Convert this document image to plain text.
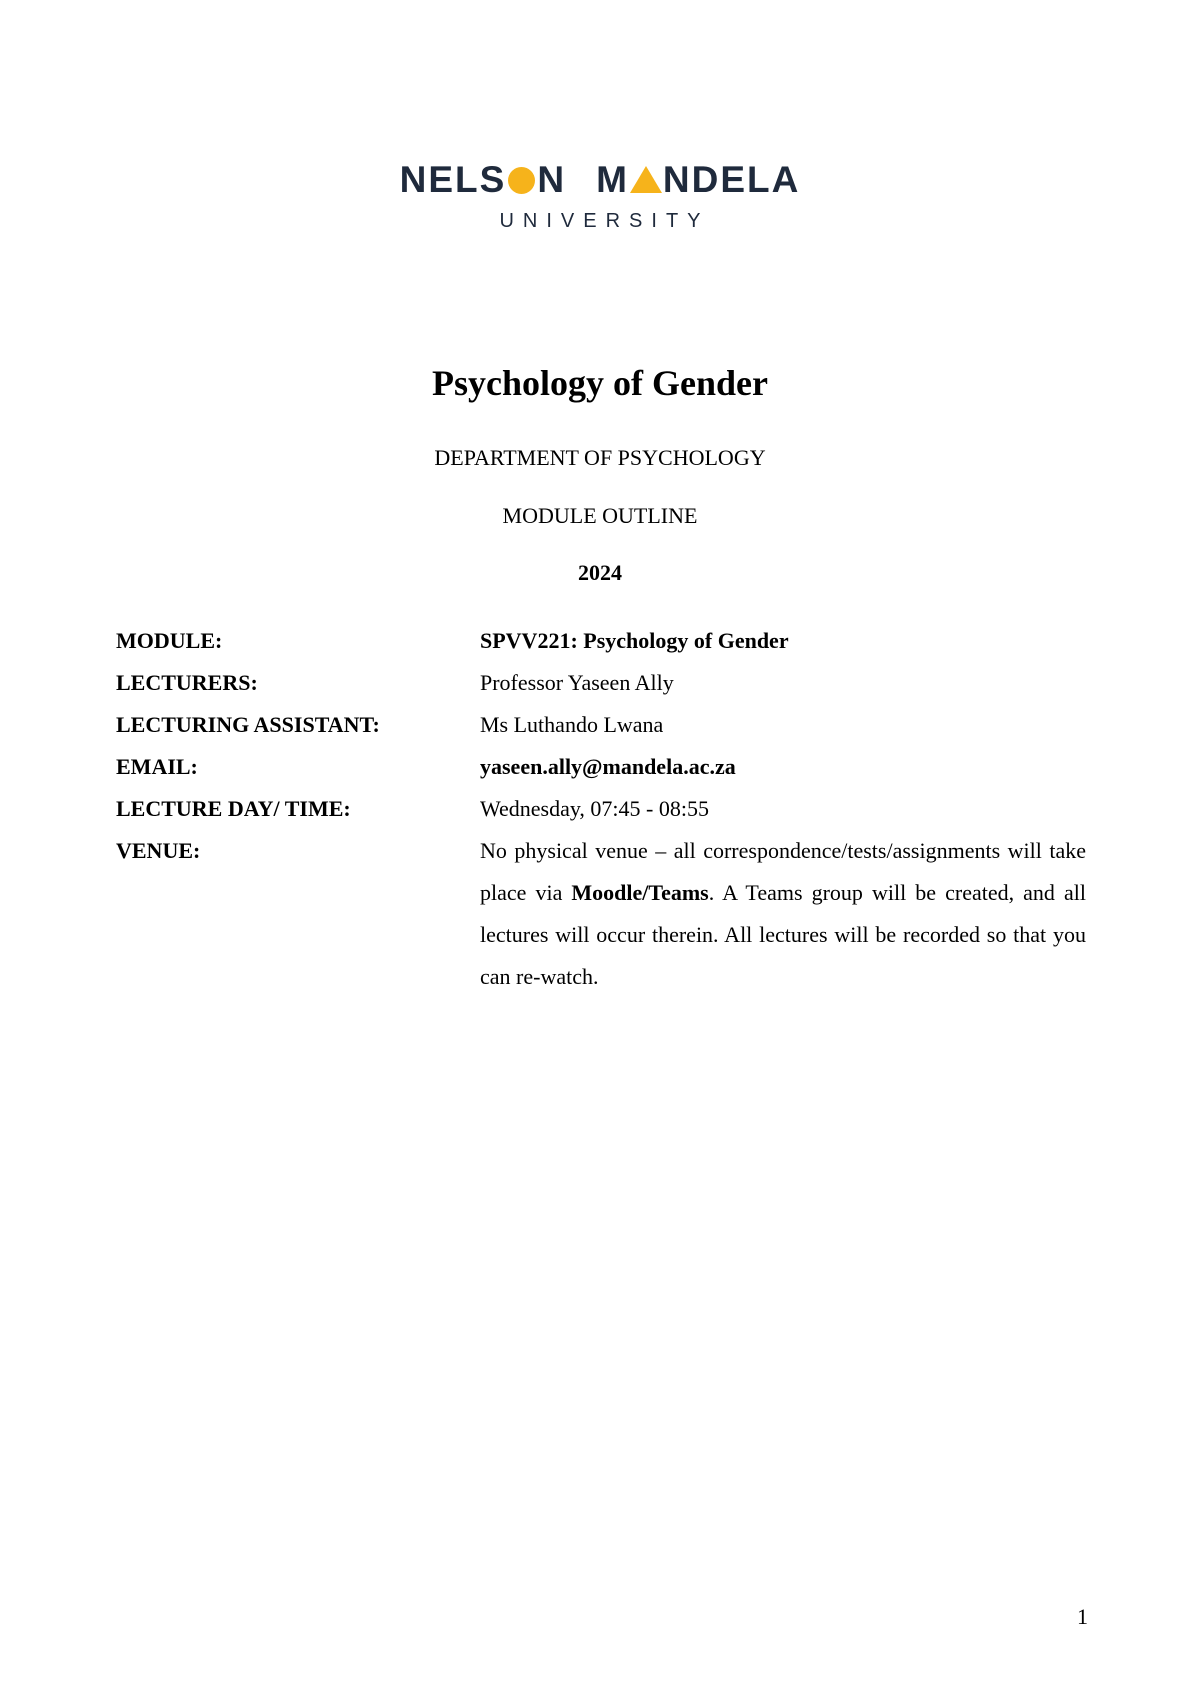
NELS N M NDELA
UNIVERSITY
Psychology of Gender
DEPARTMENT OF PSYCHOLOGY
MODULE OUTLINE
2024
MODULE:	SPVV221: Psychology of Gender
LECTURERS:	Professor Yaseen Ally
LECTURING ASSISTANT:	Ms Luthando Lwana
EMAIL:	yaseen.ally@mandela.ac.za
LECTURE DAY/ TIME:	Wednesday, 07:45 - 08:55
VENUE:	No physical venue – all correspondence/tests/assignments will take place via Moodle/Teams. A Teams group will be created, and all lectures will occur therein. All lectures will be recorded so that you can re-watch.
1
